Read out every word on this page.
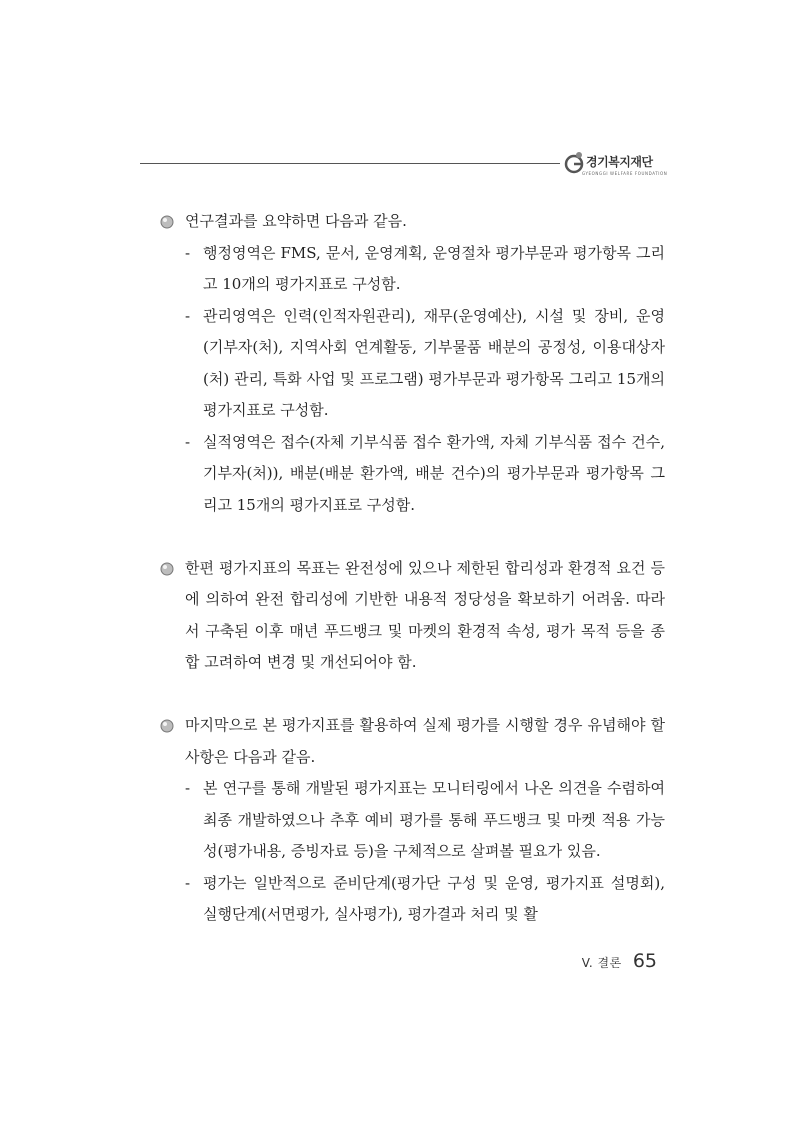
경기복지재단
GYEONGGI WELFARE FOUNDATION
연구결과를 요약하면 다음과 같음.
- 행정영역은 FMS, 문서, 운영계획, 운영절차 평가부문과 평가항목 그리고 10개의 평가지표로 구성함.
- 관리영역은 인력(인적자원관리), 재무(운영예산), 시설 및 장비, 운영(기부자(처), 지역사회 연계활동, 기부물품 배분의 공정성, 이용대상자(처) 관리, 특화 사업 및 프로그램) 평가부문과 평가항목 그리고 15개의 평가지표로 구성함.
- 실적영역은 접수(자체 기부식품 접수 환가액, 자체 기부식품 접수 건수, 기부자(처)), 배분(배분 환가액, 배분 건수)의 평가부문과 평가항목 그리고 15개의 평가지표로 구성함.
한편 평가지표의 목표는 완전성에 있으나 제한된 합리성과 환경적 요건 등에 의하여 완전 합리성에 기반한 내용적 정당성을 확보하기 어려움. 따라서 구축된 이후 매년 푸드뱅크 및 마켓의 환경적 속성, 평가 목적 등을 종합 고려하여 변경 및 개선되어야 함.
마지막으로 본 평가지표를 활용하여 실제 평가를 시행할 경우 유념해야 할 사항은 다음과 같음.
- 본 연구를 통해 개발된 평가지표는 모니터링에서 나온 의견을 수렴하여 최종 개발하였으나 추후 예비 평가를 통해 푸드뱅크 및 마켓 적용 가능성(평가내용, 증빙자료 등)을 구체적으로 살펴볼 필요가 있음.
- 평가는 일반적으로 준비단계(평가단 구성 및 운영, 평가지표 설명회), 실행단계(서면평가, 실사평가), 평가결과 처리 및 활
V. 결론 65
